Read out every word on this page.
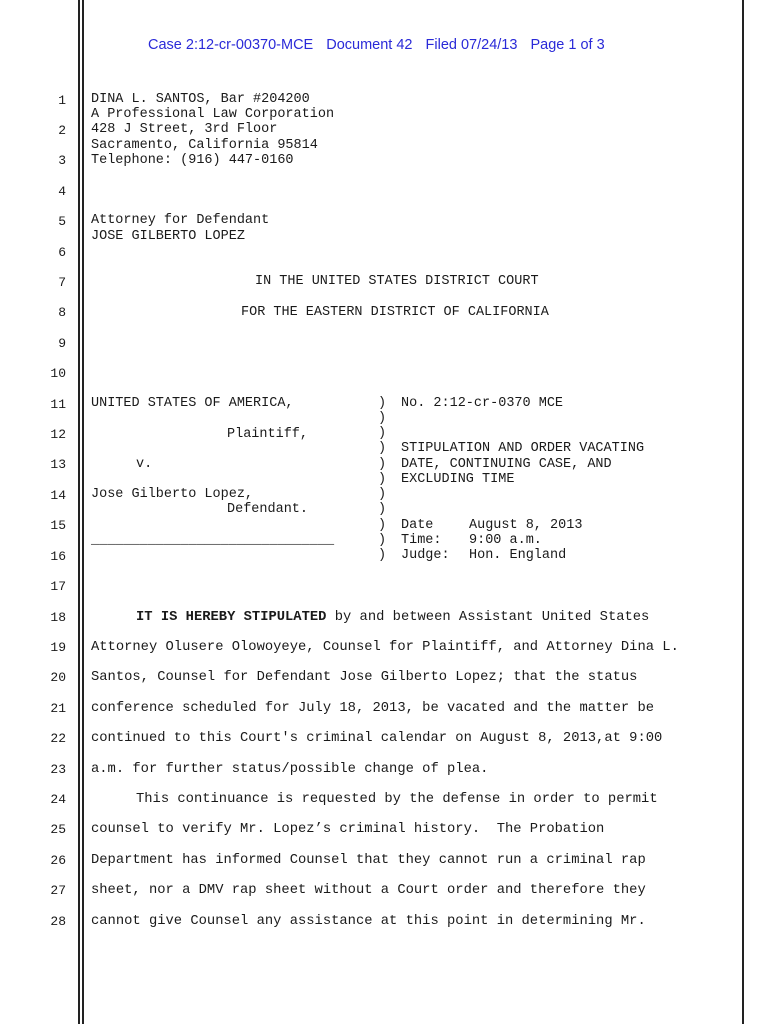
Case 2:12-cr-00370-MCE Document 42 Filed 07/24/13 Page 1 of 3
1
2
3
4
5
6
7
8
9
10
11
12
13
14
15
16
17
18
19
20
21
22
23
24
25
26
27
28
DINA L. SANTOS, Bar #204200
A Professional Law Corporation
428 J Street, 3rd Floor
Sacramento, California 95814
Telephone: (916) 447-0160
Attorney for Defendant
JOSE GILBERTO LOPEZ
IN THE UNITED STATES DISTRICT COURT
FOR THE EASTERN DISTRICT OF CALIFORNIA
UNITED STATES OF AMERICA,
Plaintiff,
v.
Jose Gilberto Lopez,
Defendant.
______________________________
)
)
)
)
)
)
)
)
)
)
)
No. 2:12-cr-0370 MCE
STIPULATION AND ORDER VACATING
DATE, CONTINUING CASE, AND
EXCLUDING TIME
Date	August 8, 2013
Time: 9:00 a.m.
Judge: Hon. England
IT IS HEREBY STIPULATED by and between Assistant United States
Attorney Olusere Olowoyeye, Counsel for Plaintiff, and Attorney Dina L.
Santos, Counsel for Defendant Jose Gilberto Lopez; that the status
conference scheduled for July 18, 2013, be vacated and the matter be
continued to this Court's criminal calendar on August 8, 2013,at 9:00
a.m. for further status/possible change of plea.
This continuance is requested by the defense in order to permit
counsel to verify Mr. Lopez’s criminal history.  The Probation
Department has informed Counsel that they cannot run a criminal rap
sheet, nor a DMV rap sheet without a Court order and therefore they
cannot give Counsel any assistance at this point in determining Mr.
